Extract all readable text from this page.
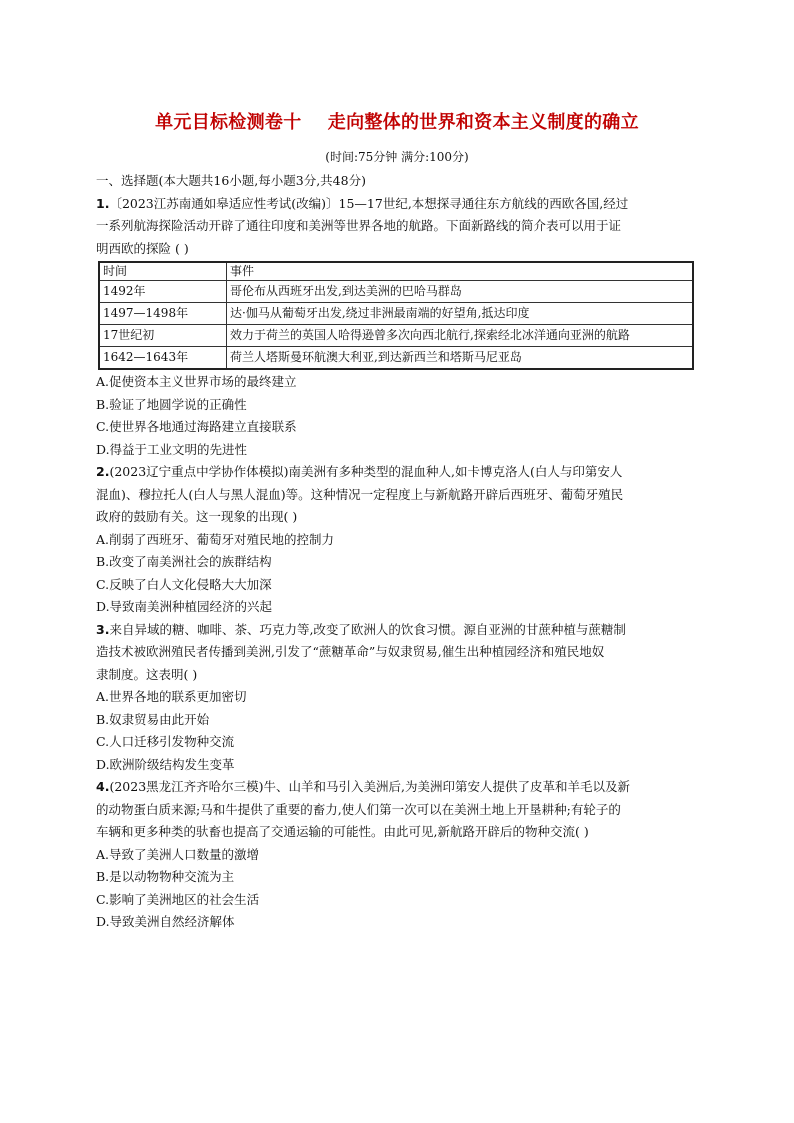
单元目标检测卷十    走向整体的世界和资本主义制度的确立
(时间:75分钟 满分:100分)
一、选择题(本大题共16小题,每小题3分,共48分)
1.〔2023江苏南通如皋适应性考试(改编)〕15—17世纪,本想探寻通往东方航线的西欧各国,经过
一系列航海探险活动开辟了通往印度和美洲等世界各地的航路。下面新路线的简介表可以用于证
明西欧的探险 ( )
时间	事件
1492年	哥伦布从西班牙出发,到达美洲的巴哈马群岛
1497—1498年	达·伽马从葡萄牙出发,绕过非洲最南端的好望角,抵达印度
17世纪初	效力于荷兰的英国人哈得逊曾多次向西北航行,探索经北冰洋通向亚洲的航路
1642—1643年	荷兰人塔斯曼环航澳大利亚,到达新西兰和塔斯马尼亚岛
A.促使资本主义世界市场的最终建立
B.验证了地圆学说的正确性
C.使世界各地通过海路建立直接联系
D.得益于工业文明的先进性
2.(2023辽宁重点中学协作体模拟)南美洲有多种类型的混血种人,如卡博克洛人(白人与印第安人
混血)、穆拉托人(白人与黑人混血)等。这种情况一定程度上与新航路开辟后西班牙、葡萄牙殖民
政府的鼓励有关。这一现象的出现( )
A.削弱了西班牙、葡萄牙对殖民地的控制力
B.改变了南美洲社会的族群结构
C.反映了白人文化侵略大大加深
D.导致南美洲种植园经济的兴起
3.来自异域的糖、咖啡、茶、巧克力等,改变了欧洲人的饮食习惯。源自亚洲的甘蔗种植与蔗糖制
造技术被欧洲殖民者传播到美洲,引发了“蔗糖革命”与奴隶贸易,催生出种植园经济和殖民地奴
隶制度。这表明( )
A.世界各地的联系更加密切
B.奴隶贸易由此开始
C.人口迁移引发物种交流
D.欧洲阶级结构发生变革
4.(2023黑龙江齐齐哈尔三模)牛、山羊和马引入美洲后,为美洲印第安人提供了皮革和羊毛以及新
的动物蛋白质来源;马和牛提供了重要的畜力,使人们第一次可以在美洲土地上开垦耕种;有轮子的
车辆和更多种类的驮畜也提高了交通运输的可能性。由此可见,新航路开辟后的物种交流( )
A.导致了美洲人口数量的激增
B.是以动物物种交流为主
C.影响了美洲地区的社会生活
D.导致美洲自然经济解体
